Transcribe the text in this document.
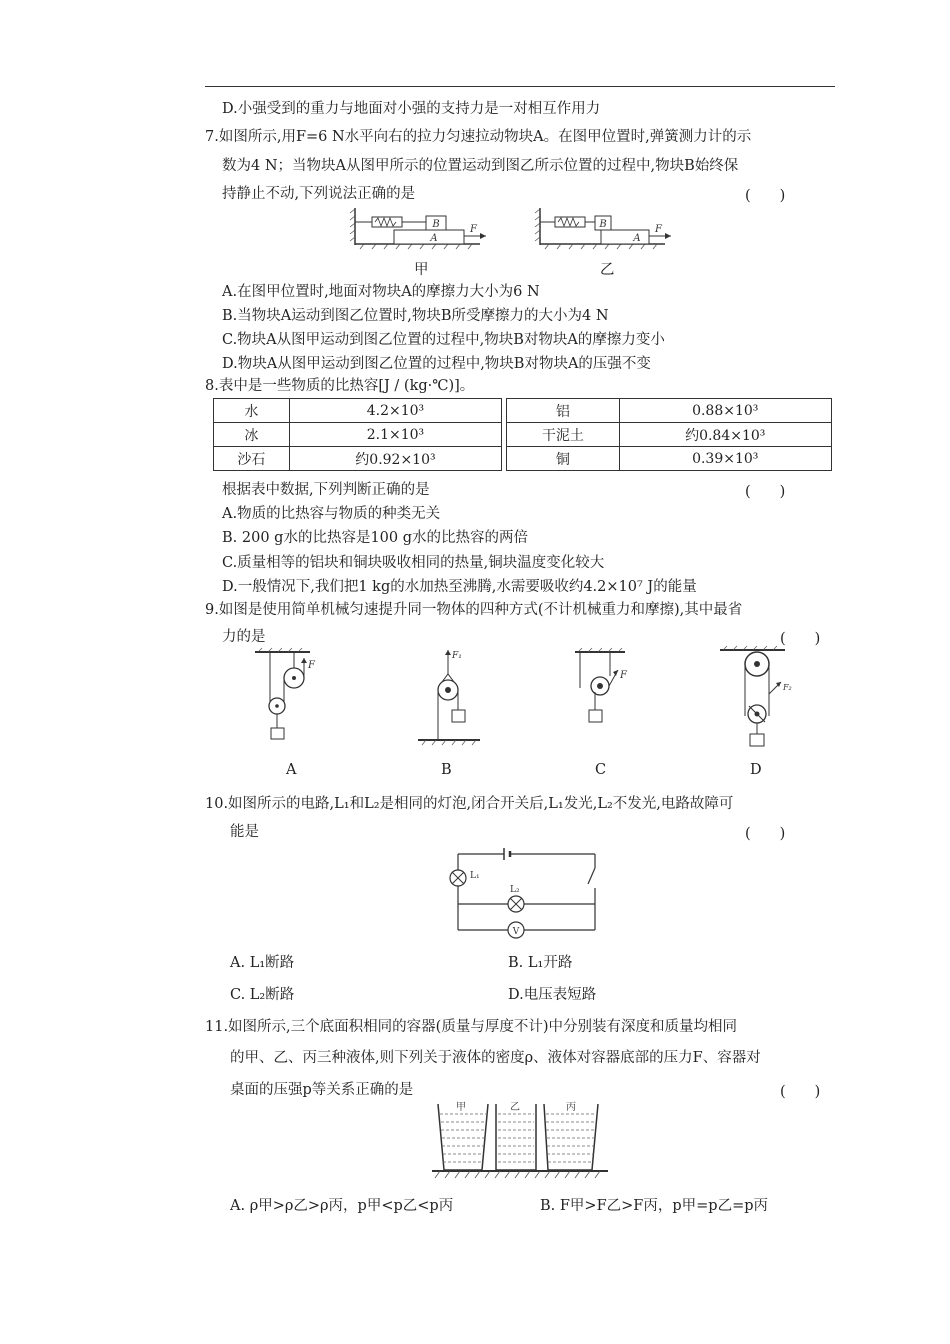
D.小强受到的重力与地面对小强的支持力是一对相互作用力
7.如图所示,用F=6 N水平向右的拉力匀速拉动物块A。在图甲位置时,弹簧测力计的示
数为4 N；当物块A从图甲所示的位置运动到图乙所示位置的过程中,物块B始终保
持静止不动,下列说法正确的是	(　　)
B
A
F
甲
B
A
F
乙
A.在图甲位置时,地面对物块A的摩擦力大小为6 N
B.当物块A运动到图乙位置时,物块B所受摩擦力的大小为4 N
C.物块A从图甲运动到图乙位置的过程中,物块B对物块A的摩擦力变小
D.物块A从图甲运动到图乙位置的过程中,物块B对物块A的压强不变
8.表中是一些物质的比热容[J / (kg·℃)]。
水	4.2×10³		铝	0.88×10³
冰	2.1×10³		干泥土	约0.84×10³
沙石	约0.92×10³		铜	0.39×10³
根据表中数据,下列判断正确的是	(　　)
A.物质的比热容与物质的种类无关
B. 200 g水的比热容是100 g水的比热容的两倍
C.质量相等的铝块和铜块吸收相同的热量,铜块温度变化较大
D.一般情况下,我们把1 kg的水加热至沸腾,水需要吸收约4.2×10⁷ J的能量
9.如图是使用简单机械匀速提升同一物体的四种方式(不计机械重力和摩擦),其中最省
力的是	(　　)
F
A
F₁
B
F
C
F₂
D
10.如图所示的电路,L₁和L₂是相同的灯泡,闭合开关后,L₁发光,L₂不发光,电路故障可
能是	(　　)
L₁
L₂
V
A. L₁断路	B. L₁开路
C. L₂断路	D.电压表短路
11.如图所示,三个底面积相同的容器(质量与厚度不计)中分别装有深度和质量均相同
的甲、乙、丙三种液体,则下列关于液体的密度ρ、液体对容器底部的压力F、容器对
桌面的压强p等关系正确的是	(　　)
甲	乙	丙
A. ρ甲>ρ乙>ρ丙，p甲<p乙<p丙	B. F甲>F乙>F丙，p甲=p乙=p丙
